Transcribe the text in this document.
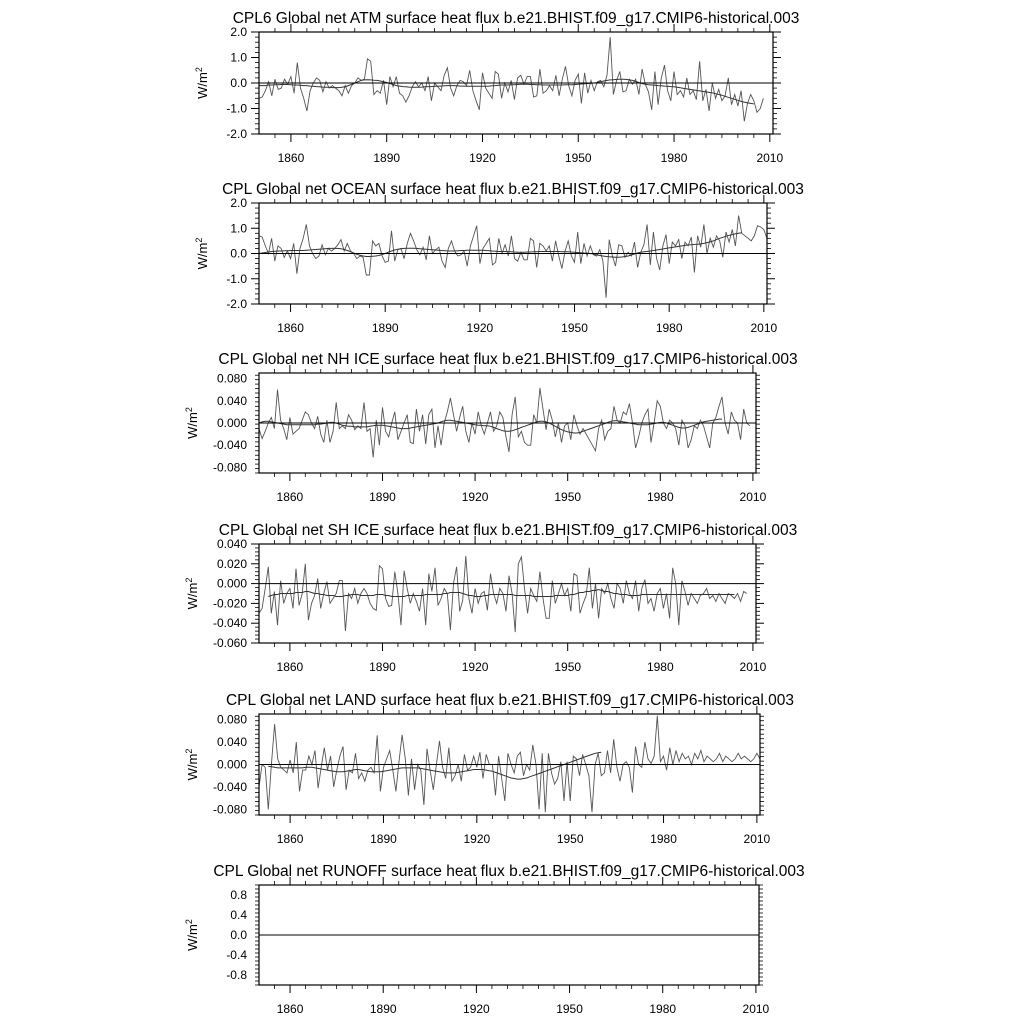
CPL6 Global net ATM surface heat flux b.e21.BHIST.f09_g17.CMIP6-historical.003
$W/m^2$
1860	1890	1920	1950	1980	2010
2.0
1.0
0.0
-1.0
-2.0
CPL Global net OCEAN surface heat flux b.e21.BHIST.f09_g17.CMIP6-historical.003
$W/m^2$
1860	1890	1920	1950	1980	2010
2.0
1.0
0.0
-1.0
-2.0
CPL Global net NH ICE surface heat flux b.e21.BHIST.f09_g17.CMIP6-historical.003
$W/m^2$
1860	1890	1920	1950	1980	2010
0.080
0.040
0.000
-0.040
-0.080
CPL Global net SH ICE surface heat flux b.e21.BHIST.f09_g17.CMIP6-historical.003
$W/m^2$
1860	1890	1920	1950	1980	2010
0.040
0.020
0.000
-0.020
-0.040
-0.060
CPL Global net LAND surface heat flux b.e21.BHIST.f09_g17.CMIP6-historical.003
$W/m^2$
1860	1890	1920	1950	1980	2010
0.080
0.040
0.000
-0.040
-0.080
CPL Global net RUNOFF surface heat flux b.e21.BHIST.f09_g17.CMIP6-historical.003
$W/m^2$
1860	1890	1920	1950	1980	2010
0.8
0.4
0.0
-0.4
-0.8
